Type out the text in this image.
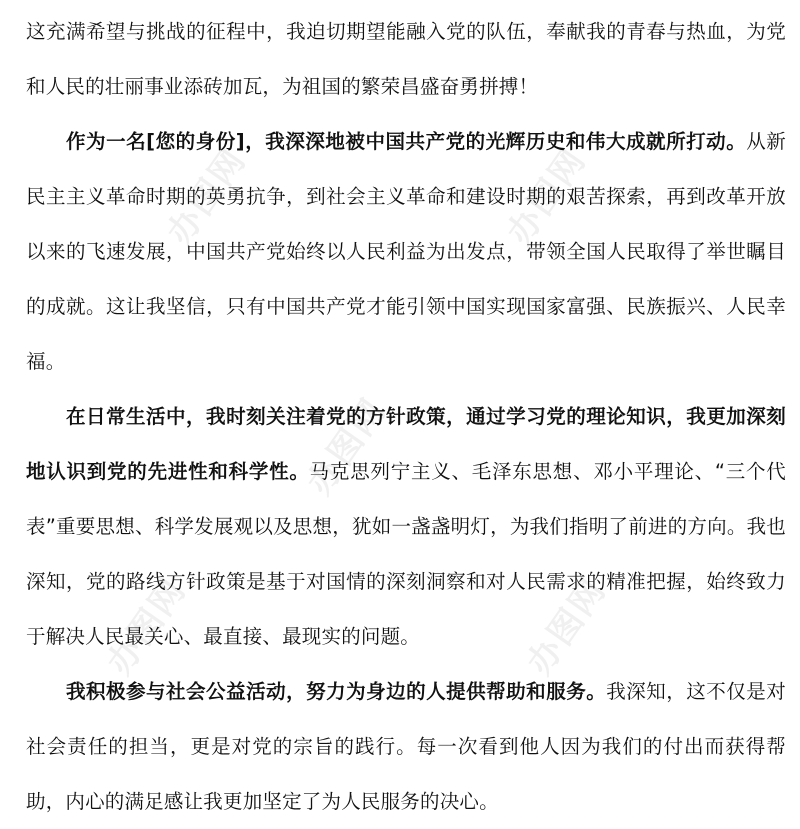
办图网	办图网
办图网
办图网	办图网

这充满希望与挑战的征程中，我迫切期望能融入党的队伍，奉献我的青春与热血，为党和人民的壮丽事业添砖加瓦，为祖国的繁荣昌盛奋勇拼搏！

作为一名[您的身份]，我深深地被中国共产党的光辉历史和伟大成就所打动。从新民主主义革命时期的英勇抗争，到社会主义革命和建设时期的艰苦探索，再到改革开放以来的飞速发展，中国共产党始终以人民利益为出发点，带领全国人民取得了举世瞩目的成就。这让我坚信，只有中国共产党才能引领中国实现国家富强、民族振兴、人民幸福。

在日常生活中，我时刻关注着党的方针政策，通过学习党的理论知识，我更加深刻地认识到党的先进性和科学性。马克思列宁主义、毛泽东思想、邓小平理论、“三个代表”重要思想、科学发展观以及思想，犹如一盏盏明灯，为我们指明了前进的方向。我也深知，党的路线方针政策是基于对国情的深刻洞察和对人民需求的精准把握，始终致力于解决人民最关心、最直接、最现实的问题。

我积极参与社会公益活动，努力为身边的人提供帮助和服务。我深知，这不仅是对社会责任的担当，更是对党的宗旨的践行。每一次看到他人因为我们的付出而获得帮助，内心的满足感让我更加坚定了为人民服务的决心。
